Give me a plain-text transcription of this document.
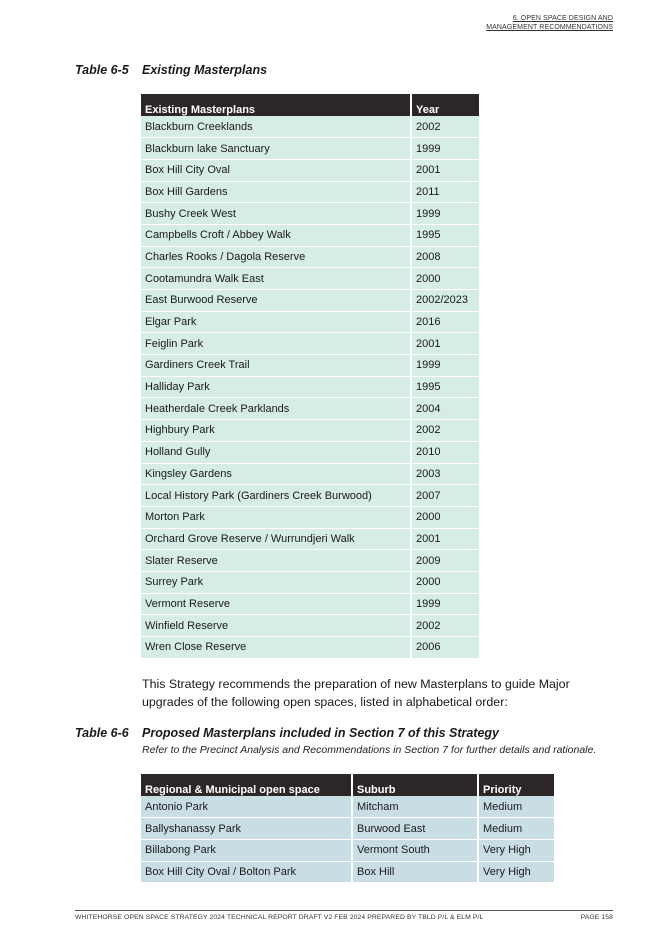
6. OPEN SPACE DESIGN AND
MANAGEMENT RECOMMENDATIONS
Table 6-5 Existing Masterplans
Existing Masterplans	Year
Blackburn Creeklands	2002
Blackburn lake Sanctuary	1999
Box Hill City Oval	2001
Box Hill Gardens	2011
Bushy Creek West	1999
Campbells Croft / Abbey Walk	1995
Charles Rooks / Dagola Reserve	2008
Cootamundra Walk East	2000
East Burwood Reserve	2002/2023
Elgar Park	2016
Feiglin Park	2001
Gardiners Creek Trail	1999
Halliday Park	1995
Heatherdale Creek Parklands	2004
Highbury Park	2002
Holland Gully	2010
Kingsley Gardens	2003
Local History Park (Gardiners Creek Burwood)	2007
Morton Park	2000
Orchard Grove Reserve / Wurrundjeri Walk	2001
Slater Reserve	2009
Surrey Park	2000
Vermont Reserve	1999
Winfield Reserve	2002
Wren Close Reserve	2006
This Strategy recommends the preparation of new Masterplans to guide Major upgrades of the following open spaces, listed in alphabetical order:
Table 6-6 Proposed Masterplans included in Section 7 of this Strategy
Refer to the Precinct Analysis and Recommendations in Section 7 for further details and rationale.
Regional & Municipal open space	Suburb	Priority
Antonio Park	Mitcham	Medium
Ballyshanassy Park	Burwood East	Medium
Billabong Park	Vermont South	Very High
Box Hill City Oval / Bolton Park	Box Hill	Very High
WHITEHORSE OPEN SPACE STRATEGY 2024 TECHNICAL REPORT DRAFT V2 FEB 2024 PREPARED BY TBLD P/L & ELM P/L	PAGE 158
